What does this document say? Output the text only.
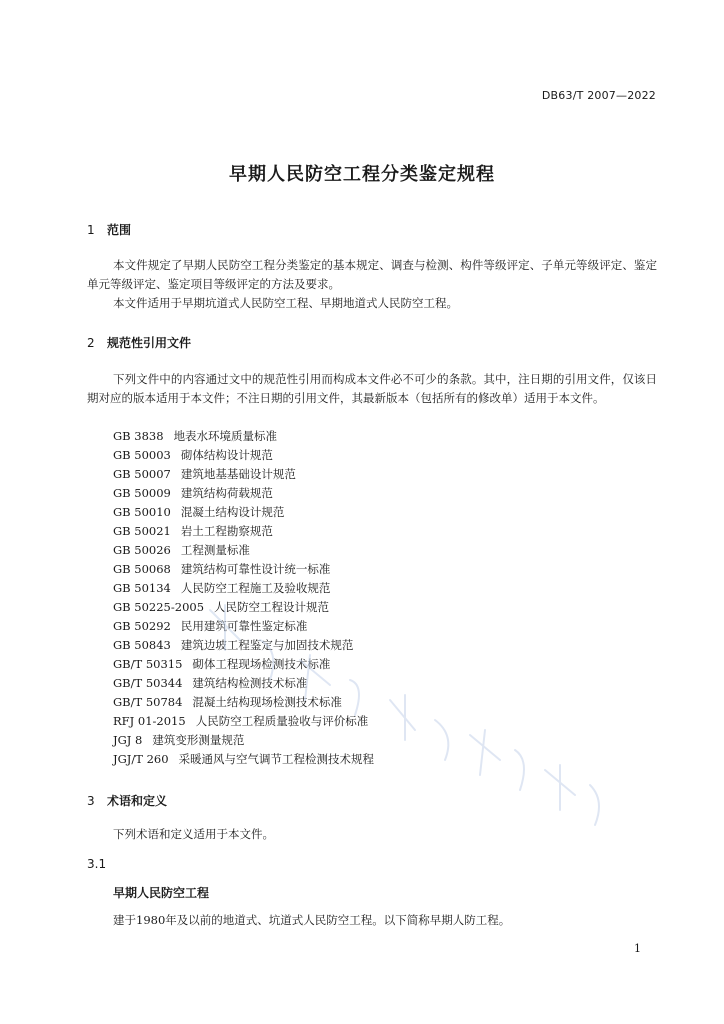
DB63/T 2007—2022
早期人民防空工程分类鉴定规程
1 范围

本文件规定了早期人民防空工程分类鉴定的基本规定、调查与检测、构件等级评定、子单元等级评定、鉴定单元等级评定、鉴定项目等级评定的方法及要求。

本文件适用于早期坑道式人民防空工程、早期地道式人民防空工程。

2 规范性引用文件

下列文件中的内容通过文中的规范性引用而构成本文件必不可少的条款。其中，注日期的引用文件，仅该日期对应的版本适用于本文件；不注日期的引用文件，其最新版本（包括所有的修改单）适用于本文件。

GB 3838 地表水环境质量标准
GB 50003 砌体结构设计规范
GB 50007 建筑地基基础设计规范
GB 50009 建筑结构荷载规范
GB 50010 混凝土结构设计规范
GB 50021 岩土工程勘察规范
GB 50026 工程测量标准
GB 50068 建筑结构可靠性设计统一标准
GB 50134 人民防空工程施工及验收规范
GB 50225-2005 人民防空工程设计规范
GB 50292 民用建筑可靠性鉴定标准
GB 50843 建筑边坡工程鉴定与加固技术规范
GB/T 50315 砌体工程现场检测技术标准
GB/T 50344 建筑结构检测技术标准
GB/T 50784 混凝土结构现场检测技术标准
RFJ 01-2015 人民防空工程质量验收与评价标准
JGJ 8 建筑变形测量规范
JGJ/T 260 采暖通风与空气调节工程检测技术规程
3 术语和定义

下列术语和定义适用于本文件。

3.1
早期人民防空工程
建于1980年及以前的地道式、坑道式人民防空工程。以下简称早期人防工程。
1
